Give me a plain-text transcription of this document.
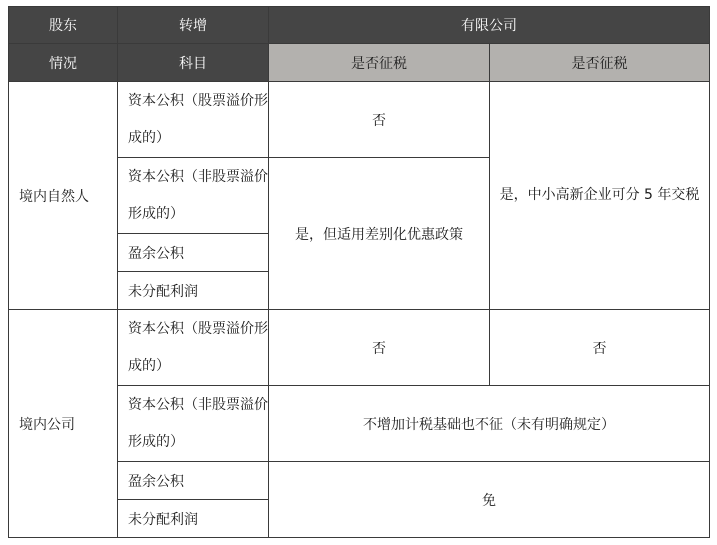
股东	转增	有限公司	
情况	科目	是否征税	是否征税
境内自然人	资本公积（股票溢价形成的）	否	是，中小高新企业可分 5 年交税

	资本公积（非股票溢价形成的）	是，但适用差别化优惠政策	
	盈余公积		
	未分配利润		
境内公司	资本公积（股票溢价形成的）	否	否

	资本公积（非股票溢价形成的）	不增加计税基础也不征（未有明确规定）	
	盈余公积	免	
	未分配利润		
